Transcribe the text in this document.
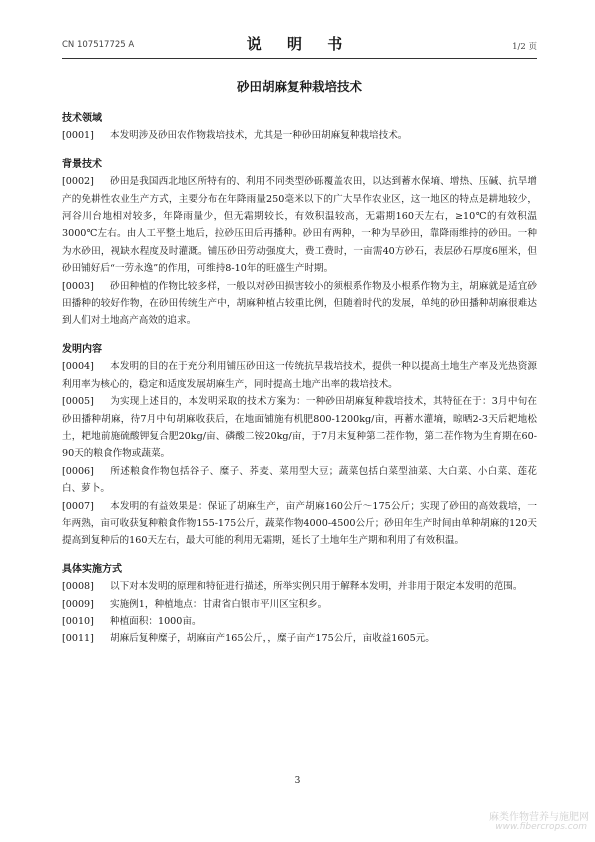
CN 107517725 A	说 明 书	1/2 页
砂田胡麻复种栽培技术

技术领域

[0001] 本发明涉及砂田农作物栽培技术，尤其是一种砂田胡麻复种栽培技术。

背景技术

[0002] 砂田是我国西北地区所特有的、利用不同类型砂砾覆盖农田，以达到蓄水保墒、增热、压碱、抗旱增产的免耕性农业生产方式，主要分布在年降雨量250毫米以下的广大旱作农业区，这一地区的特点是耕地较少，河谷川台地相对较多，年降雨量少，但无霜期较长，有效积温较高，无霜期160天左右，≥10℃的有效积温3000℃左右。由人工平整土地后，拉砂压田后再播种。砂田有两种，一种为旱砂田，靠降雨维持的砂田。一种为水砂田，视缺水程度及时灌溉。铺压砂田劳动强度大，费工费时，一亩需40方砂石，表层砂石厚度6厘米，但砂田铺好后“一劳永逸”的作用，可维持8-10年的旺盛生产时期。

[0003] 砂田种植的作物比较多样，一般以对砂田损害较小的须根系作物及小根系作物为主，胡麻就是适宜砂田播种的较好作物，在砂田传统生产中，胡麻种植占较重比例，但随着时代的发展，单纯的砂田播种胡麻很难达到人们对土地高产高效的追求。

发明内容

[0004] 本发明的目的在于充分利用铺压砂田这一传统抗旱栽培技术，提供一种以提高土地生产率及光热资源利用率为核心的，稳定和适度发展胡麻生产，同时提高土地产出率的栽培技术。

[0005] 为实现上述目的，本发明采取的技术方案为：一种砂田胡麻复种栽培技术，其特征在于：3月中旬在砂田播种胡麻，待7月中旬胡麻收获后，在地面铺施有机肥800-1200kg/亩，再蓄水灌墒，晾晒2-3天后耙地松土，耙地前施硫酸钾复合肥20kg/亩、磷酸二铵20kg/亩，于7月末复种第二茬作物，第二茬作物为生育期在60-90天的粮食作物或蔬菜。

[0006] 所述粮食作物包括谷子、糜子、荞麦、菜用型大豆；蔬菜包括白菜型油菜、大白菜、小白菜、莲花白、萝卜。

[0007] 本发明的有益效果是：保证了胡麻生产，亩产胡麻160公斤～175公斤；实现了砂田的高效栽培，一年两熟，亩可收获复种粮食作物155-175公斤，蔬菜作物4000-4500公斤；砂田年生产时间由单种胡麻的120天提高到复种后的160天左右，最大可能的利用无霜期，延长了土地年生产期和利用了有效积温。

具体实施方式

[0008] 以下对本发明的原理和特征进行描述，所举实例只用于解释本发明，并非用于限定本发明的范围。

[0009] 实施例1，种植地点：甘肃省白银市平川区宝积乡。

[0010] 种植面积：1000亩。

[0011] 胡麻后复种糜子，胡麻亩产165公斤，，糜子亩产175公斤，亩收益1605元。

3
麻类作物营养与施肥网
www.fibercrops.com
